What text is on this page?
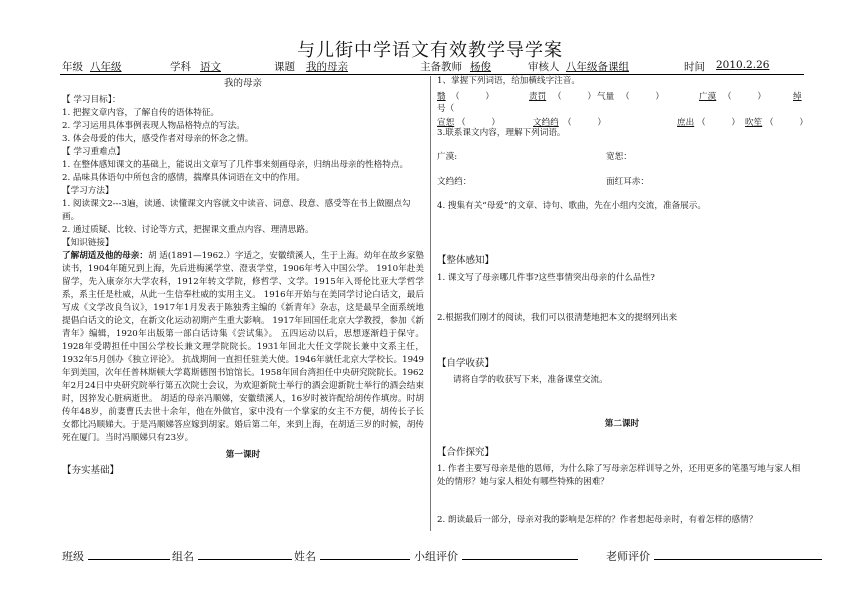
与儿街中学语文有效教学导学案
年级 八年级	学科 语文	课题 我的母亲	主备教师 杨俊	审核人 八年级备课组	时间 2010.2.26

我的母亲

【 学习目标】：

1. 把握文章内容，了解自传的语体特征。

2. 学习运用具体事例表现人物品格特点的写法。

3. 体会母爱的伟大，感受作者对母亲的怀念之情。

【 学习重难点】

1. 在整体感知课文的基础上，能说出文章写了几件事来刻画母亲，归纳出母亲的性格特点。

2. 品味具体语句中所包含的感情，揣摩具体词语在文中的作用。

【学习方法】

1. 阅读课文2---3遍，读通、读懂课文内容就文中读音、词意、段意、感受等在书上做圈点勾画。

2. 通过质疑、比较、讨论等方式，把握课文重点内容、理清思路。

【知识链接】

了解胡适及他的母亲：胡 适(1891—1962.）字适之，安徽绩溪人，生于上海。幼年在故乡家塾读书，1904年随兄到上海，先后进梅溪学堂、澄衷学堂，1906年考入中国公学。 1910年赴美留学，先入康奈尔大学农科，1912年转文学院，修哲学、文学。1915年入哥伦比亚大学哲学系，系主任是杜威，从此一生信奉杜威的实用主义。 1916年开始与在美同学讨论白话文，最后写成《文学改良刍议》，1917年1月发表于陈独秀主编的《新青年》杂志，这是最早全面系统地提倡白话文的论文，在新文化运动初期产生重大影响。 1917年回国任北京大学教授，参加《新青年》编辑，1920年出版第一部白话诗集《尝试集》。 五四运动以后，思想逐渐趋于保守。1928年受聘担任中国公学校长兼文理学院院长。1931年回北大任文学院长兼中文系主任，1932年5月创办《独立评论》。 抗战期间一直担任驻美大使。1946年就任北京大学校长。1949年到美国，次年任普林斯顿大学葛斯德图书馆馆长。1958年回台湾担任中央研究院院长。1962年2月24日中央研究院举行第五次院士会议，为欢迎新院士举行的酒会迎新院士举行的酒会结束时，因猝发心脏病逝世。 胡适的母亲冯顺娣，安徽绩溪人，16岁时被许配给胡传作填房。时胡传年48岁，前妻曹氏去世十余年，他在外做官，家中没有一个掌家的女主不方便，胡传长子长女都比冯顺娣大。于是冯顺娣答应嫁到胡家。婚后第二年，来到上海，在胡适三岁的时候，胡传死在厦门。当时冯顺娣只有23岁。

第一课时

【夯实基础】

1、掌握下列词语，给加横线字注音。
翳 （　　　）	责罚 （　　　） 气量 （　　　）	广漠 （　　　）	绰
号（
宣恕 （　　　）	文绉绉 （　　　）	庶出 （　　　） 吹笙 （　　　）
3.联系课文内容，理解下列词语。
广漠:	宽恕：
文绉绉：	面红耳赤：
4. 搜集有关“母爱”的文章、诗句、歌曲，先在小组内交流，准备展示。
【整体感知】
1. 课文写了母亲哪几件事?这些事情突出母亲的什么品性?
2.根据我们刚才的阅读，我们可以很清楚地把本文的提纲列出来
【自学收获】
请将自学的收获写下来，准备课堂交流。
第二课时
【合作探究】
1. 作者主要写母亲是他的恩师，为什么除了写母亲怎样训导之外，还用更多的笔墨写地与家人相处的情形？她与家人相处有哪些特殊的困难？
2. 朗读最后一部分，母亲对我的影响是怎样的？作者想起母亲时，有着怎样的感情？
班级	组名	姓名	小组评价	老师评价
